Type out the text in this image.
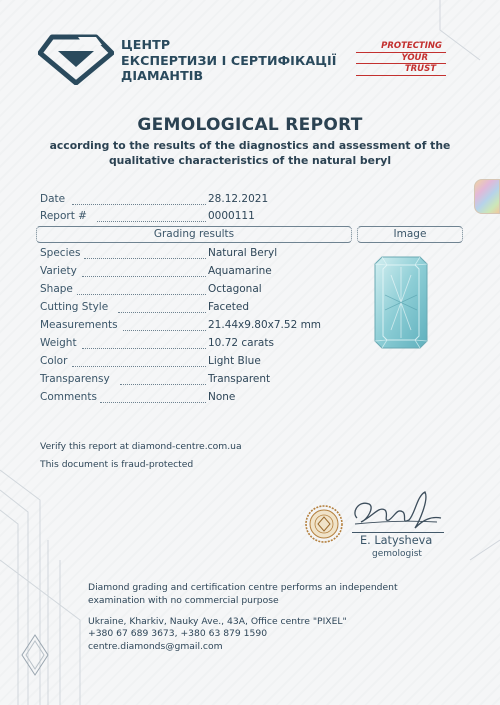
ЦЕНТР
ЕКСПЕРТИЗИ І СЕРТИФІКАЦІЇ
ДІАМАНТІВ
PROTECTING
YOUR
TRUST
GEMOLOGICAL REPORT
according to the results of the diagnostics and assessment of the
qualitative characteristics of the natural beryl
Date	28.12.2021
Report #	0000111
Grading results	Image
Species	Natural Beryl
Variety	Aquamarine
Shape	Octagonal
Cutting Style	Faceted
Measurements	21.44x9.80x7.52 mm
Weight	10.72 carats
Color	Light Blue
Transparensy	Transparent
Comments	None
Verify this report at diamond-centre.com.ua
This document is fraud-protected
E. Latysheva
gemologist
Diamond grading and certification centre performs an independent
examination with no commercial purpose
Ukraine, Kharkiv, Nauky Ave., 43A, Office centre "PIXEL"
+380 67 689 3673, +380 63 879 1590
centre.diamonds@gmail.com
